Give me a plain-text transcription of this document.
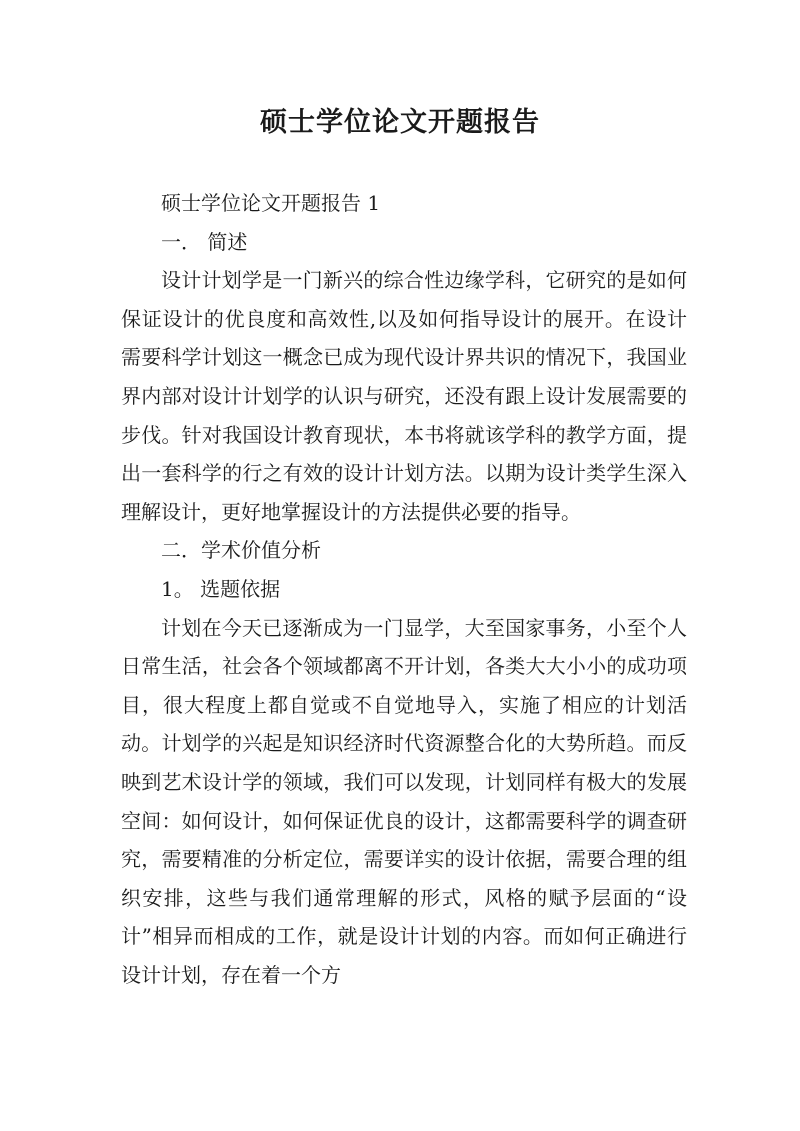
硕士学位论文开题报告

硕士学位论文开题报告 1

一． 简述

设计计划学是一门新兴的综合性边缘学科，它研究的是如何保证设计的优良度和高效性,以及如何指导设计的展开。在设计需要科学计划这一概念已成为现代设计界共识的情况下，我国业界内部对设计计划学的认识与研究，还没有跟上设计发展需要的步伐。针对我国设计教育现状，本书将就该学科的教学方面，提出一套科学的行之有效的设计计划方法。以期为设计类学生深入理解设计，更好地掌握设计的方法提供必要的指导。

二．学术价值分析

1。 选题依据

计划在今天已逐渐成为一门显学，大至国家事务，小至个人日常生活，社会各个领域都离不开计划，各类大大小小的成功项目，很大程度上都自觉或不自觉地导入，实施了相应的计划活动。计划学的兴起是知识经济时代资源整合化的大势所趋。而反映到艺术设计学的领域，我们可以发现，计划同样有极大的发展空间：如何设计，如何保证优良的设计，这都需要科学的调查研究，需要精准的分析定位，需要详实的设计依据，需要合理的组织安排，这些与我们通常理解的形式，风格的赋予层面的“设计”相异而相成的工作，就是设计计划的内容。而如何正确进行设计计划，存在着一个方
